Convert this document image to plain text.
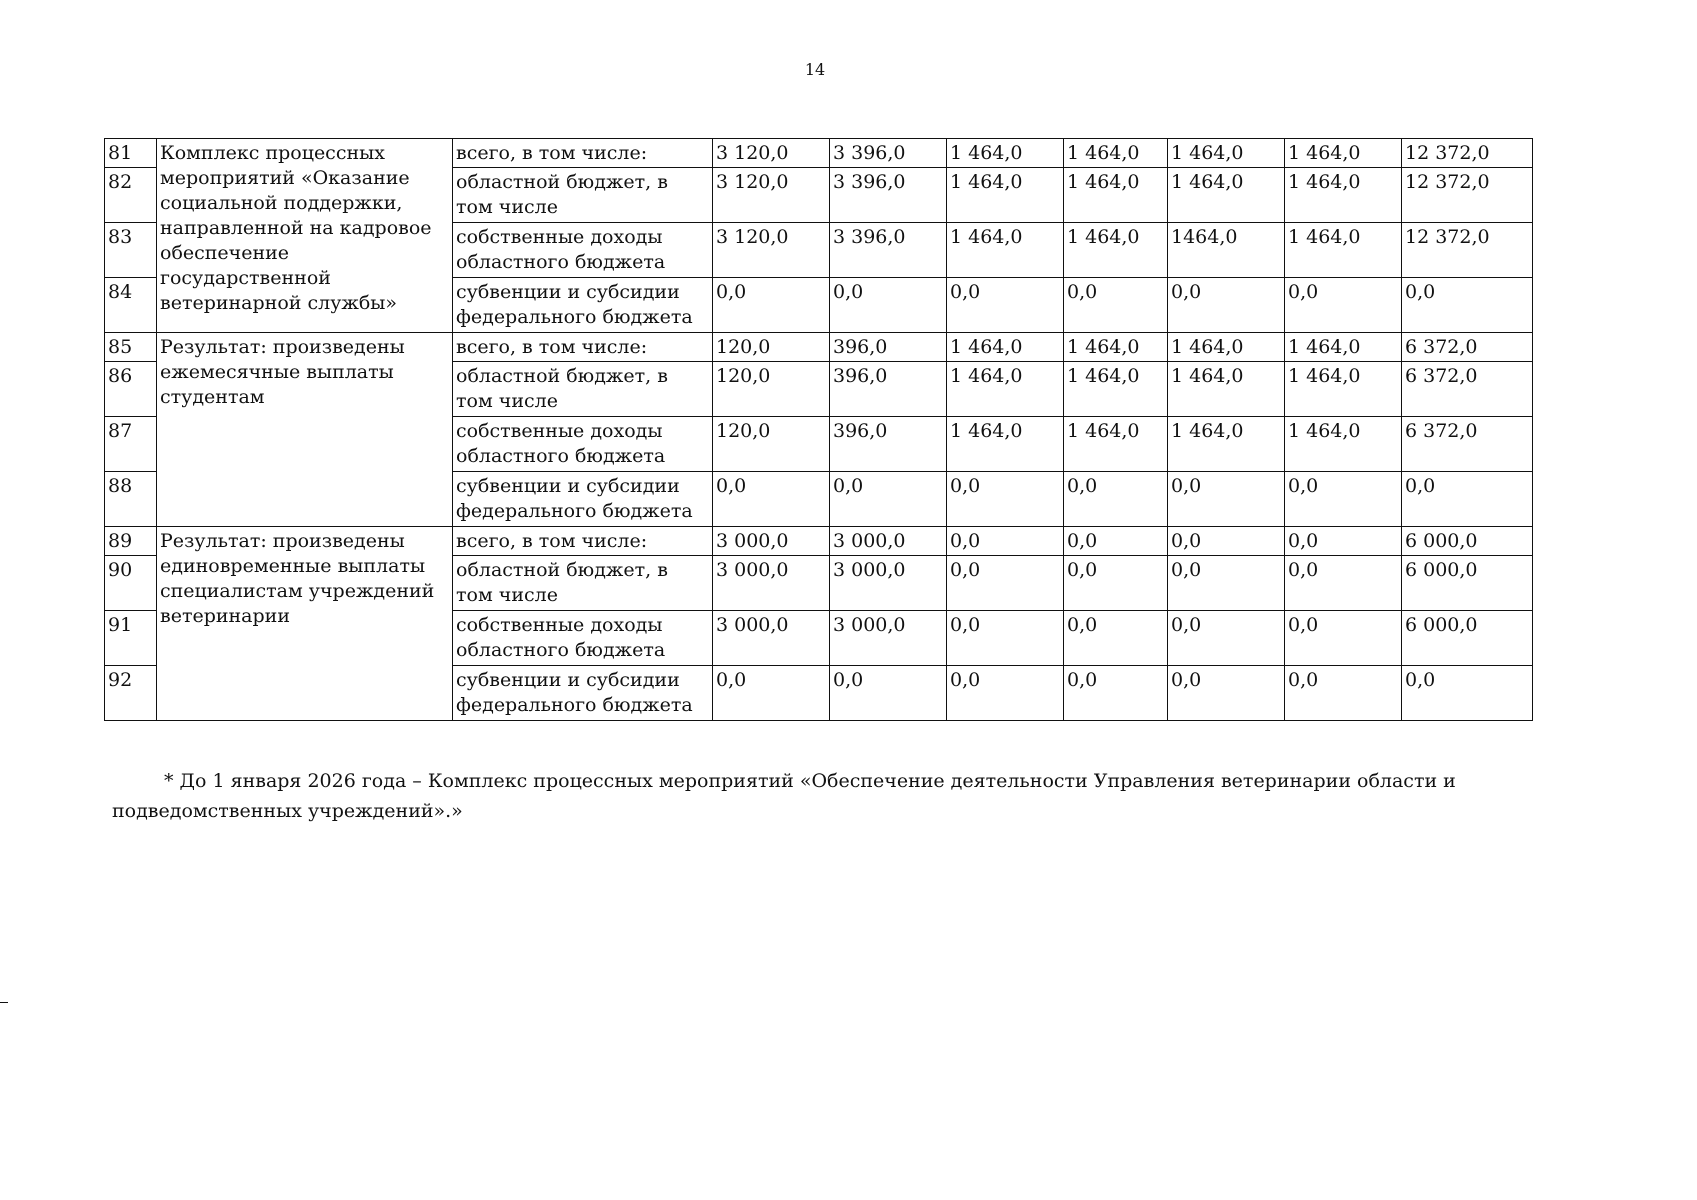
14
81	Комплекс процессных мероприятий «Оказание социальной поддержки, направленной на кадровое обеспечение государственной ветеринарной службы»	всего, в том числе:	3 120,0	3 396,0	1 464,0	1 464,0	1 464,0	1 464,0	12 372,0
82		областной бюджет, в том числе	3 120,0	3 396,0	1 464,0	1 464,0	1 464,0	1 464,0	12 372,0
83		собственные доходы областного бюджета	3 120,0	3 396,0	1 464,0	1 464,0	1464,0	1 464,0	12 372,0
84		субвенции и субсидии федерального бюджета	0,0	0,0	0,0	0,0	0,0	0,0	0,0
85	Результат: произведены ежемесячные выплаты студентам	всего, в том числе:	120,0	396,0	1 464,0	1 464,0	1 464,0	1 464,0	6 372,0
86		областной бюджет, в том числе	120,0	396,0	1 464,0	1 464,0	1 464,0	1 464,0	6 372,0
87		собственные доходы областного бюджета	120,0	396,0	1 464,0	1 464,0	1 464,0	1 464,0	6 372,0
88		субвенции и субсидии федерального бюджета	0,0	0,0	0,0	0,0	0,0	0,0	0,0
89	Результат: произведены единовременные выплаты специалистам учреждений ветеринарии	всего, в том числе:	3 000,0	3 000,0	0,0	0,0	0,0	0,0	6 000,0
90		областной бюджет, в том числе	3 000,0	3 000,0	0,0	0,0	0,0	0,0	6 000,0
91		собственные доходы областного бюджета	3 000,0	3 000,0	0,0	0,0	0,0	0,0	6 000,0
92		субвенции и субсидии федерального бюджета	0,0	0,0	0,0	0,0	0,0	0,0	0,0
* До 1 января 2026 года – Комплекс процессных мероприятий «Обеспечение деятельности Управления ветеринарии области и подведомственных учреждений».»
